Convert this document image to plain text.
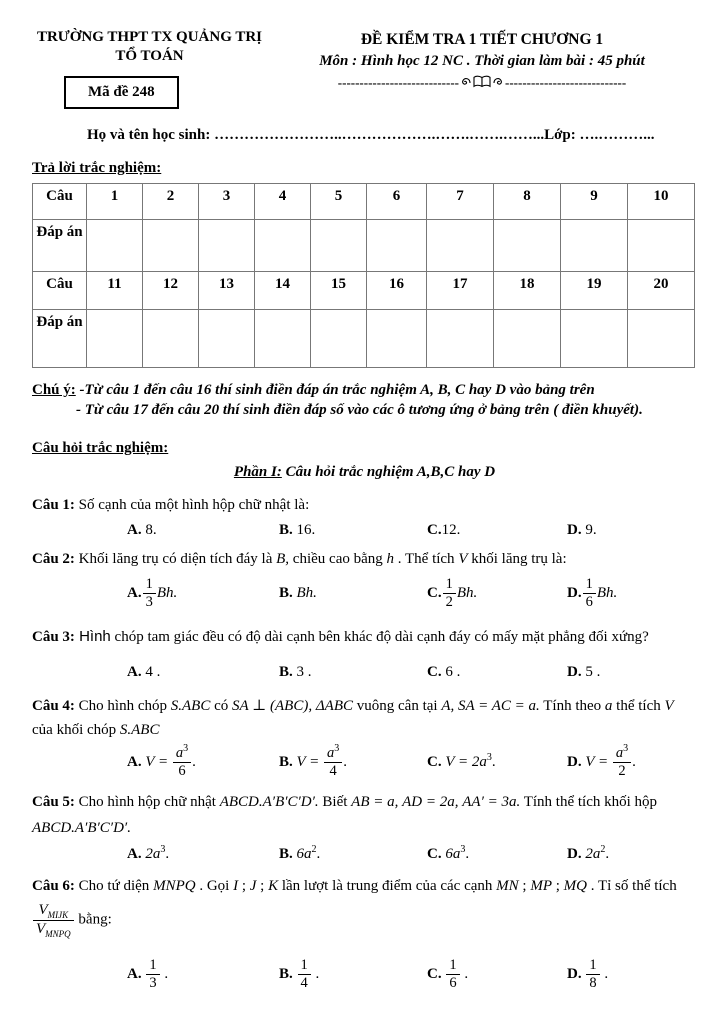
TRƯỜNG THPT TX QUẢNG TRỊ
TỔ TOÁN
Mã đề 248
ĐỀ KIỂM TRA 1 TIẾT CHƯƠNG 1
Môn : Hình học 12 NC . Thời gian làm bài : 45 phút
----------------------------	----------------------------
Họ và tên học sinh: ……………………..……………….…….…….……...Lớp: ….………...
Trả lời trắc nghiệm:
Câu	1	2	3	4	5	6	7	8	9	10
Đáp án										
Câu	11	12	13	14	15	16	17	18	19	20
Đáp án										
Chú ý: -Từ câu 1 đến câu 16 thí sinh điền đáp án trắc nghiệm A, B, C hay D vào bảng trên
- Từ câu 17 đến câu 20 thí sinh điền đáp số vào các ô tương ứng ở bảng trên ( điền khuyết).
Câu hỏi trắc nghiệm:
Phần I: Câu hỏi trắc nghiệm A,B,C hay D
Câu 1: Số cạnh của một hình hộp chữ nhật là:
A. 8.	B. 16.	C.12.	D. 9.
Câu 2: Khối lăng trụ có diện tích đáy là B, chiều cao bằng h . Thể tích V khối lăng trụ là:
A. $\frac{1}{3} Bh$.	B. Bh.	C. $\frac{1}{2} Bh$.	D. $\frac{1}{6} Bh$.
Câu 3: Hình chóp tam giác đều có độ dài cạnh bên khác độ dài cạnh đáy có mấy mặt phẳng đối xứng?
A. 4 .	B. 3 .	C. 6 .	D. 5 .
Câu 4: Cho hình chóp S.ABC có SA ⊥ (ABC), ΔABC vuông cân tại A, SA = AC = a. Tính theo a thể tích V
của khối chóp S.ABC
A. $V = \frac{a^3}{6}$ .	B. $V = \frac{a^3}{4}$ .	C. $V = 2a^3$.	D. $V = \frac{a^3}{2}$ .
Câu 5: Cho hình hộp chữ nhật ABCD.A′B′C′D′. Biết AB = a, AD = 2a, AA′ = 3a. Tính thể tích khối hộp
ABCD.A′B′C′D′.
A. $2a^3$.	B. $6a^2$.	C. $6a^3$.	D. $2a^2$.
Câu 6: Cho tứ diện MNPQ . Gọi I ; J ; K lần lượt là trung điểm của các cạnh MN ; MP ; MQ . Tỉ số thể tích
$\frac{V_{MIJK}}{V_{MNPQ}}$ bằng:
A. $\frac{1}{3}$ .	B. $\frac{1}{4}$ .	C. $\frac{1}{6}$ .	D. $\frac{1}{8}$ .
